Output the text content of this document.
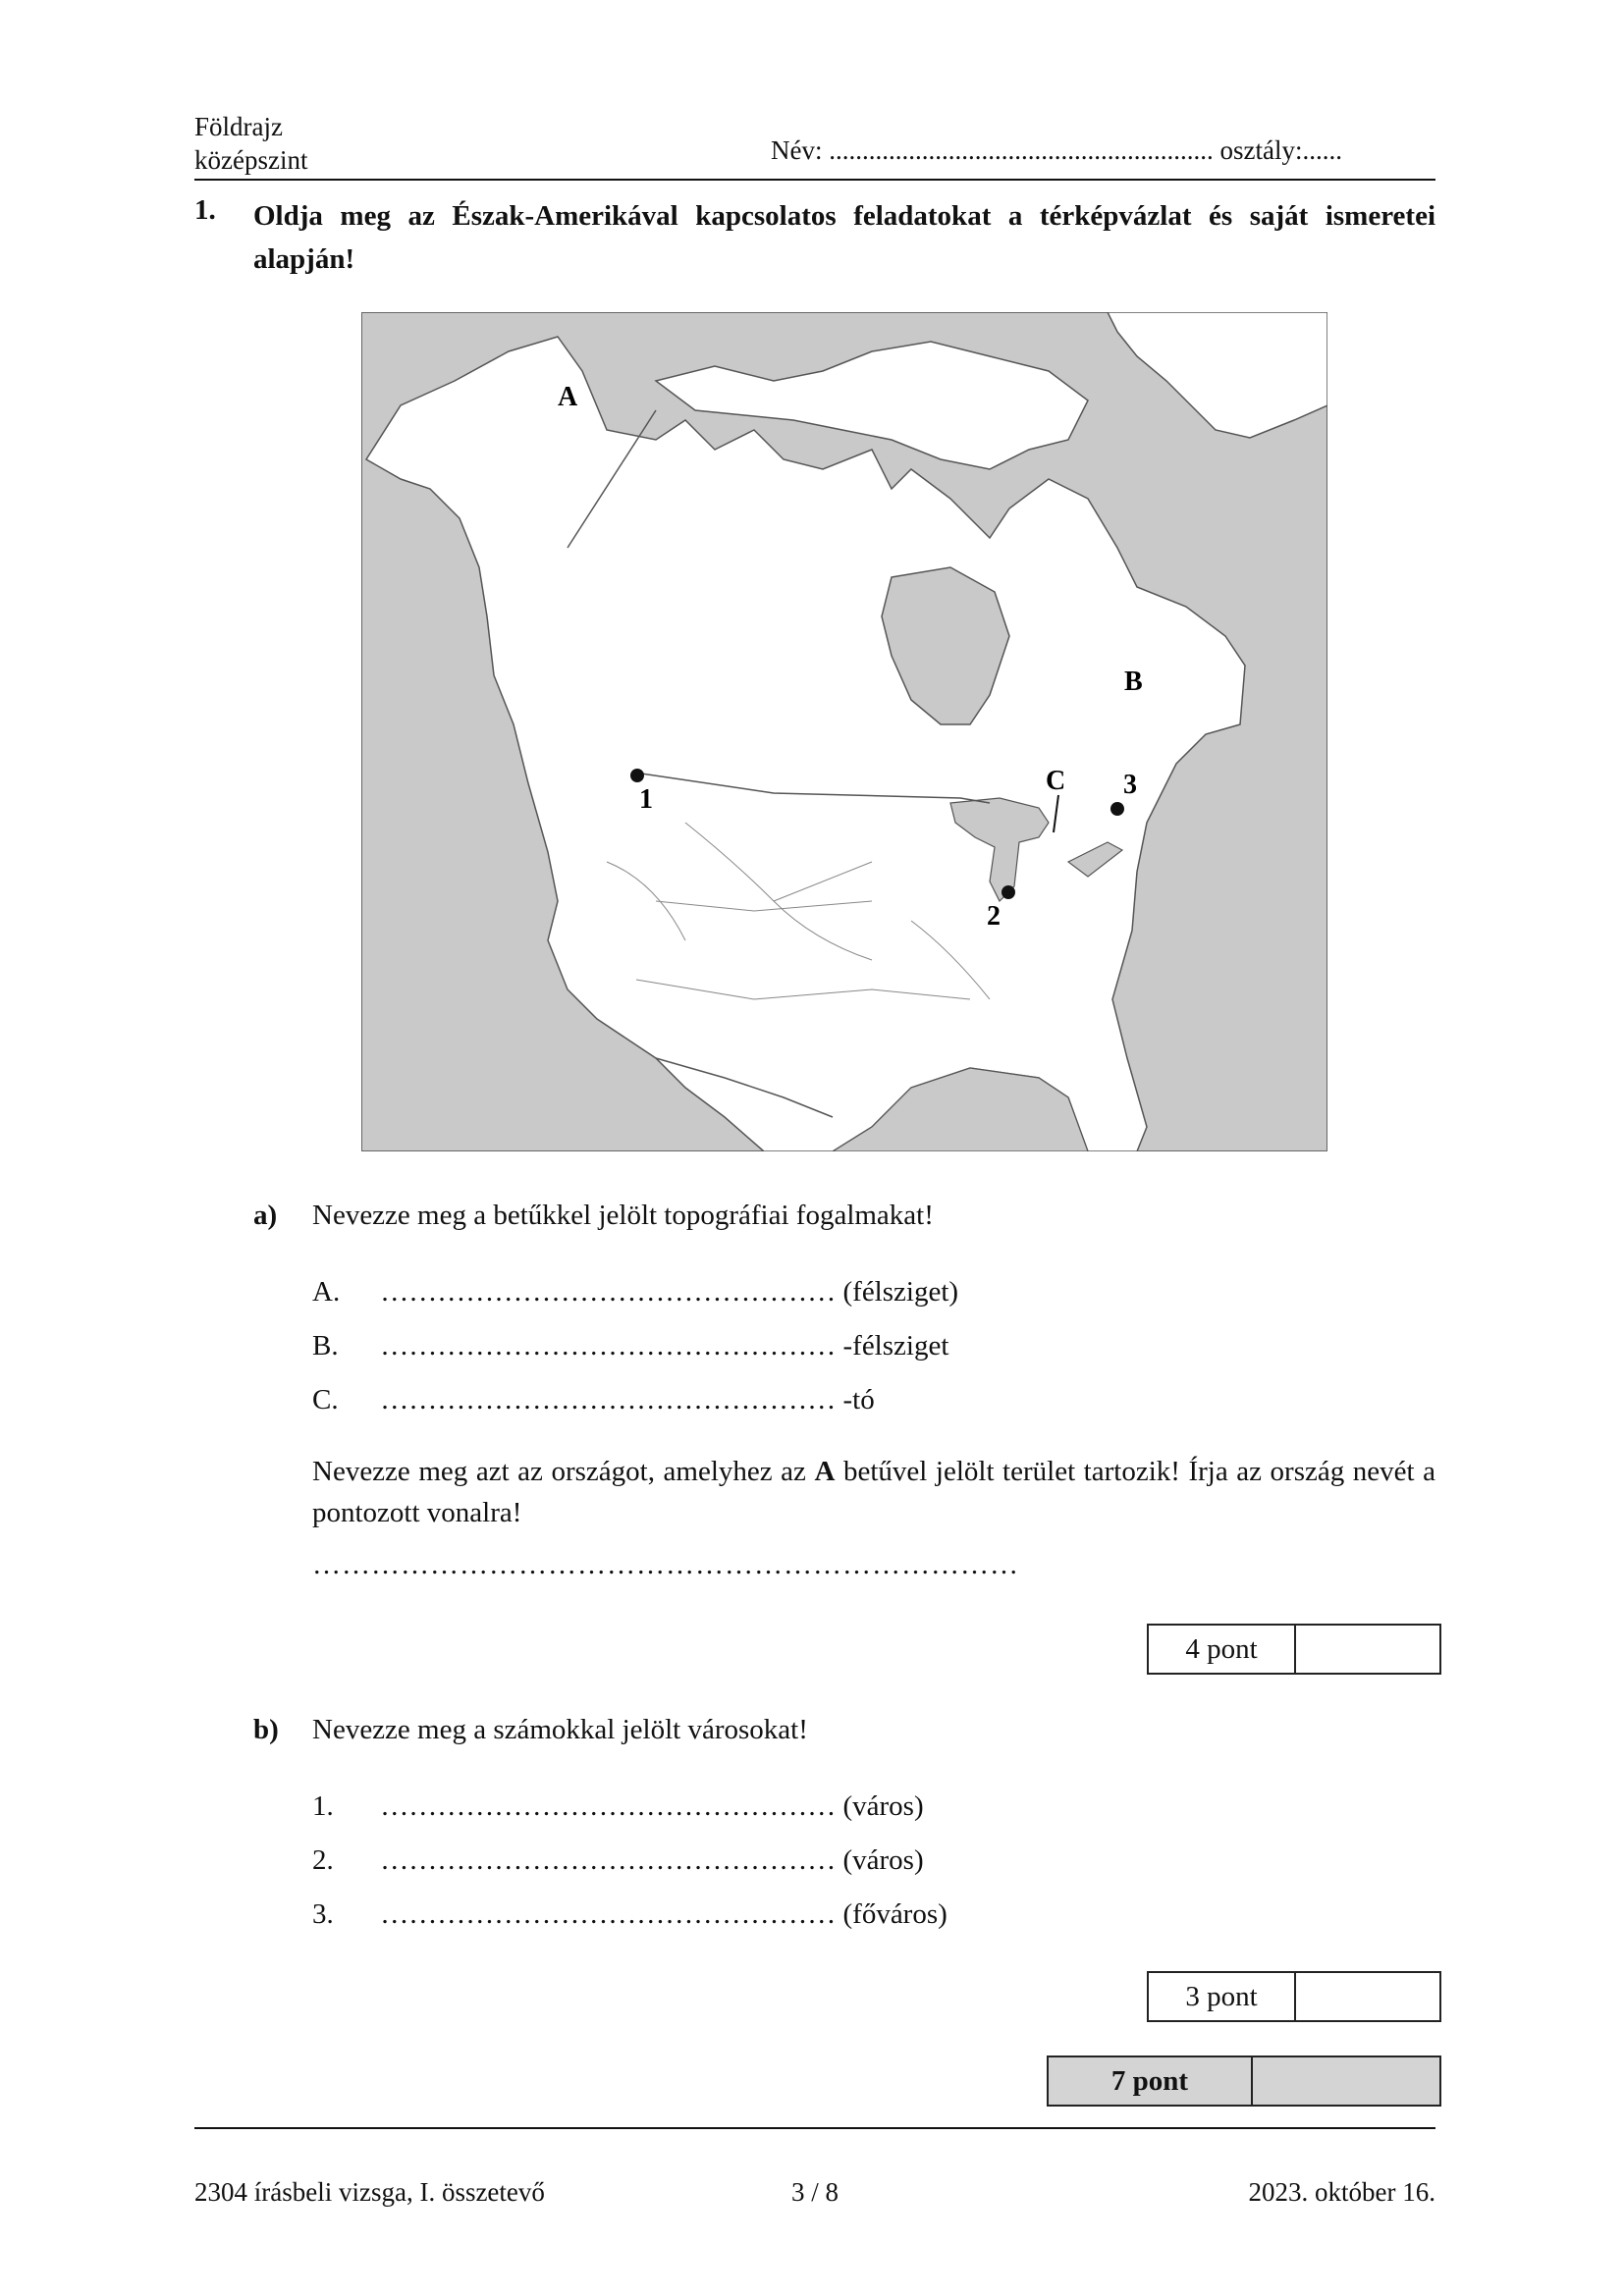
Földrajz
középszint	Név: .......................................................... osztály:......
1. Oldja meg az Észak-Amerikával kapcsolatos feladatokat a térképvázlat és saját ismeretei alapján!
A
B
C
1
2
3
a) Nevezze meg a betűkkel jelölt topográfiai fogalmakat!
A. ………………………………………… (félsziget)
B. ………………………………………… -félsziget
C. ………………………………………… -tó
Nevezze meg azt az országot, amelyhez az A betűvel jelölt terület tartozik! Írja az ország nevét a pontozott vonalra!
………………………………………………………………
4 pont
b) Nevezze meg a számokkal jelölt városokat!
1. ………………………………………… (város)
2. ………………………………………… (város)
3. ………………………………………… (főváros)
3 pont
7 pont
2304 írásbeli vizsga, I. összetevő	3 / 8	2023. október 16.
